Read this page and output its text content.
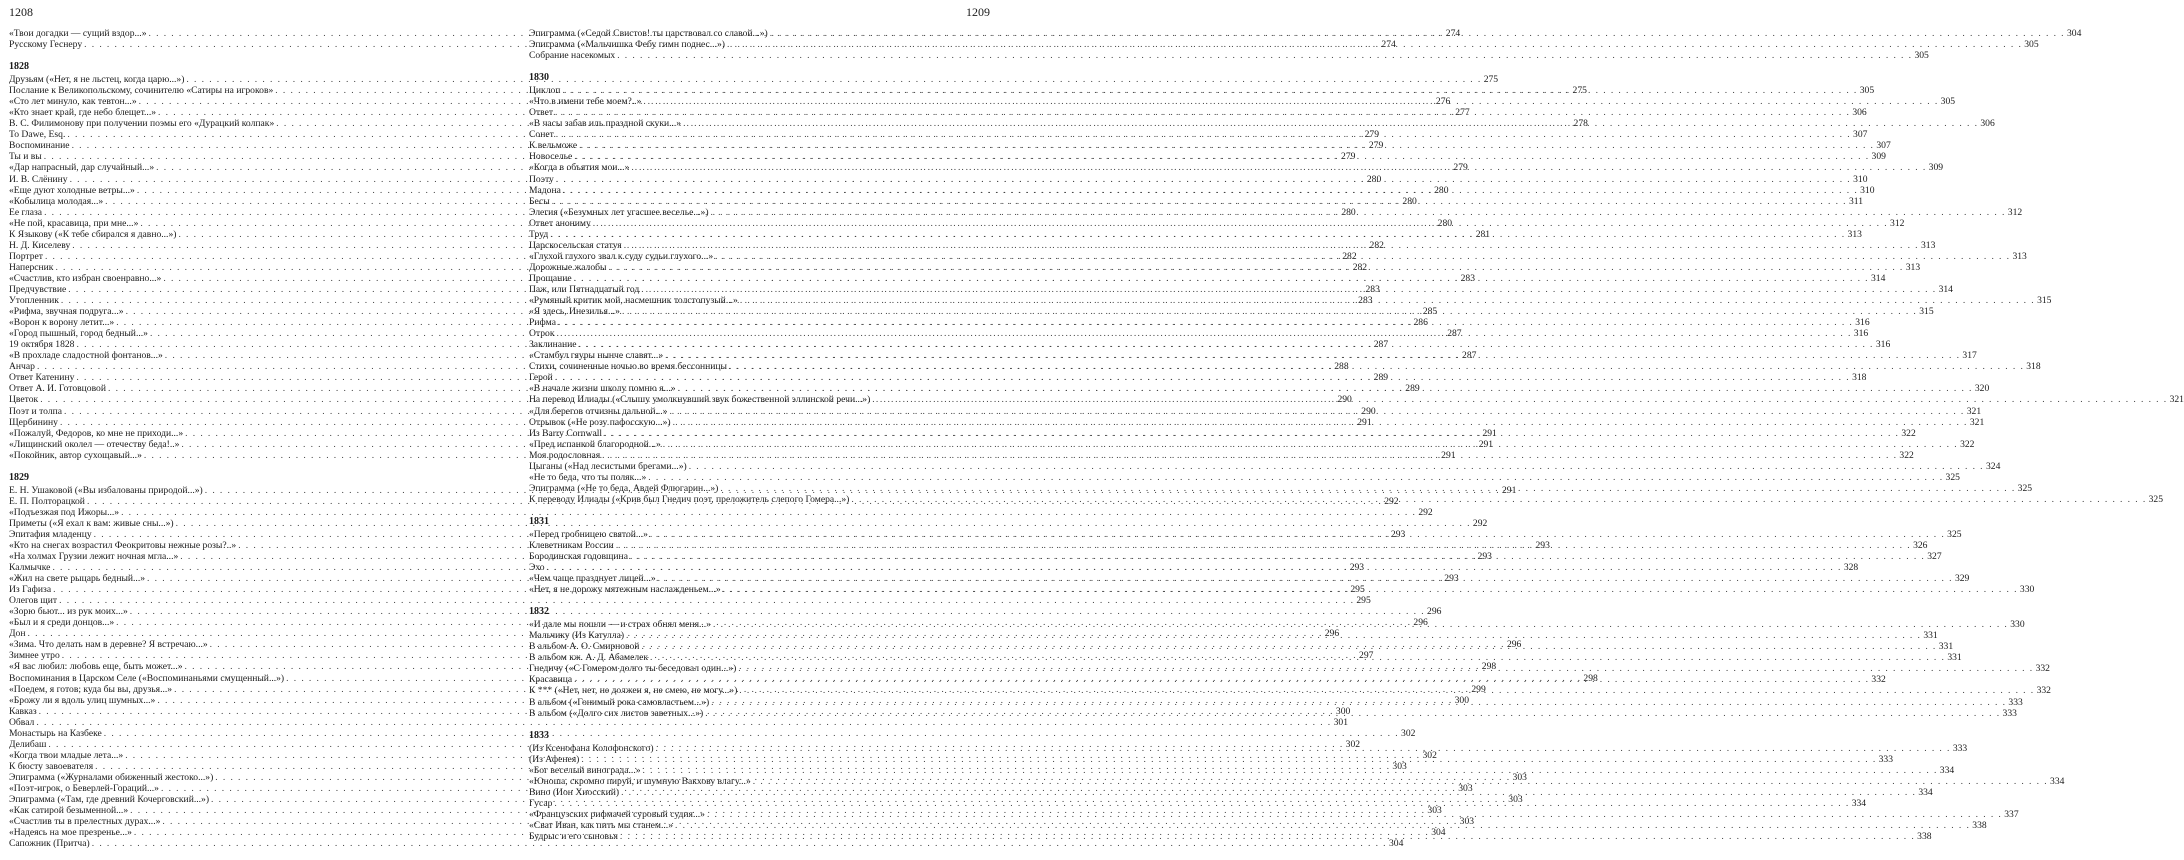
1208
«Твои догадки — сущий вздор...» . . .	274
Русскому Геснеру . . .	274
1828
Друзьям («Нет, я не льстец, когда царю...») . . .	275
Послание к Великопольскому, сочинителю «Сатиры на игроков» . . .	275
«Сто лет минуло, как тевтон...» . . .	276
«Кто знает край, где небо блещет...» . . .	277
В. С. Филимонову при получении поэмы его «Дурацкий колпак» . . .	278
To Dawe, Esq. . . .	279
Воспоминание . . .	279
Ты и вы . . .	279
«Дар напрасный, дар случайный...» . . .	279
И. В. Слёнину . . .	280
«Еще дуют холодные ветры...» . . .	280
«Кобылица молодая...» . . .	280
Ее глаза . . .	280
«Не пой, красавица, при мне...» . . .	280
К Языкову («К тебе сбирался я давно...») . . .	281
Н. Д. Киселеву . . .	282
Портрет . . .	282
Наперсник . . .	282
«Счастлив, кто избран своенравно...» . . .	283
Предчувствие . . .	283
Утопленник . . .	283
«Рифма, звучная подруга...» . . .	285
«Ворон к ворону летит...» . . .	286
«Город пышный, город бедный...» . . .	287
19 октября 1828 . . .	287
«В прохладе сладостной фонтанов...» . . .	287
Анчар . . .	288
Ответ Катенину . . .	289
Ответ А. И. Готовцовой . . .	289
Цветок . . .	290
Поэт и толпа . . .	290
Щербинину . . .	291
«Пожалуй, Федоров, ко мне не приходи...» . . .	291
«Лищинский околел — отечеству беда!..» . . .	291
«Покойник, автор сухощавый...» . . .	291
1829
Е. Н. Ушаковой («Вы избалованы природой...») . . .	291
Е. П. Полторацкой . . .	292
«Подъезжая под Ижоры...» . . .	292
Приметы («Я ехал к вам: живые сны...») . . .	292
Эпитафия младенцу . . .	293
«Кто на снегах возрастил Феокритовы нежные розы?..» . . .	293
«На холмах Грузии лежит ночная мгла...» . . .	293
Калмычке . . .	293
«Жил на свете рыцарь бедный...» . . .	293
Из Гафиза . . .	295
Олегов щит . . .	295
«Зорю бьют... из рук моих...» . . .	296
«Был и я среди донцов...» . . .	296
Дон . . .	296
«Зима. Что делать нам в деревне? Я встречаю...» . . .	296
Зимнее утро . . .	297
«Я вас любил: любовь еще, быть может...» . . .	298
Воспоминания в Царском Селе («Воспоминаньями смущенный...») . . .	298
«Поедем, я готов; куда бы вы, друзья...» . . .	299
«Брожу ли я вдоль улиц шумных...» . . .	300
Кавказ . . .	300
Обвал . . .	301
Монастырь на Казбеке . . .	302
Делибаш . . .	302
«Когда твои младые лета...» . . .	302
К бюсту завоевателя . . .	303
Эпиграмма («Журналами обиженный жестоко...») . . .	303
«Поэт-игрок, о Беверлей-Гораций...» . . .	303
Эпиграмма («Там, где древний Кочерговский...») . . .	303
«Как сатирой безыменной...» . . .	303
«Счастлив ты в прелестных дурах...» . . .	303
«Надеясь на мое презренье...» . . .	304
Сапожник (Притча) . . .	304
1209
Эпиграмма («Седой Свистов! ты царствовал со славой...») . . .	304
Эпиграмма («Мальчишка Фебу гимн поднес...») . . .	305
Собрание насекомых . . .	305
1830
Циклоп . . .	305
«Что в имени тебе моем?..» . . .	305
Ответ . . .	306
«В часы забав иль праздной скуки...» . . .	306
Сонет . . .	307
К вельможе . . .	307
Новоселье . . .	309
«Когда в объятия мои...» . . .	309
Поэту . . .	310
Мадона . . .	310
Бесы . . .	311
Элегия («Безумных лет угасшее веселье...») . . .	312
Ответ анониму . . .	312
Труд . . .	313
Царскосельская статуя . . .	313
«Глухой глухого звал к суду судьи глухого...» . . .	313
Дорожные жалобы . . .	313
Прощание . . .	314
Паж, или Пятнадцатый год . . .	314
«Румяный критик мой, насмешник толстопузый...» . . .	315
«Я здесь, Инезилья...» . . .	315
Рифма . . .	316
Отрок . . .	316
Заклинание . . .	316
«Стамбул гяуры нынче славят...» . . .	317
Стихи, сочиненные ночью во время бессонницы . . .	318
Герой . . .	318
«В начале жизни школу помню я...» . . .	320
На перевод Илиады («Слышу умолкнувший звук божественной эллинской речи...») . . .	321
«Для берегов отчизны дальной...» . . .	321
Отрывок («Не розу пафосскую...») . . .	321
Из Barry Cornwall . . .	322
«Пред испанкой благородной...» . . .	322
Моя родословная . . .	322
Цыганы («Над лесистыми брегами...») . . .	324
«Не то беда, что ты поляк...» . . .	325
Эпиграмма («Не то беда, Авдей Флюгарин...») . . .	325
К переводу Илиады («Крив был Гнедич поэт, преложитель слепого Гомера...») . . .	325
1831
«Перед гробницею святой...» . . .	325
Клеветникам России . . .	326
Бородинская годовщина . . .	327
Эхо . . .	328
«Чем чаще празднует лицей...» . . .	329
«Нет, я не дорожу мятежным наслажденьем...» . . .	330
1832
«И дале мы пошли — и страх обнял меня...» . . .	330
Мальчику (Из Катулла) . . .	331
В альбом А. О. Смирновой . . .	331
В альбом кж. А. Д. Абамелек . . .	331
Гнедичу («С Гомером долго ты беседовал один...») . . .	332
Красавица . . .	332
К *** («Нет, нет, не должен я, не смею, не могу...») . . .	332
В альбом («Гонимый рока самовластьем...») . . .	333
В альбом («Долго сих листов заветных...») . . .	333
1833
(Из Ксенофана Колофонского) . . .	333
(Из Афенея) . . .	333
«Бог веселый винограда...» . . .	334
«Юноша, скромно пируй, и шумную Вакхову влагу...» . . .	334
Вино (Ион Хиосский) . . .	334
Гусар . . .	334
«Французских рифмачей суровый судия...» . . .	337
«Сват Иван, как пить мы станем...» . . .	338
Будрыс и его сыновья . . .	338
